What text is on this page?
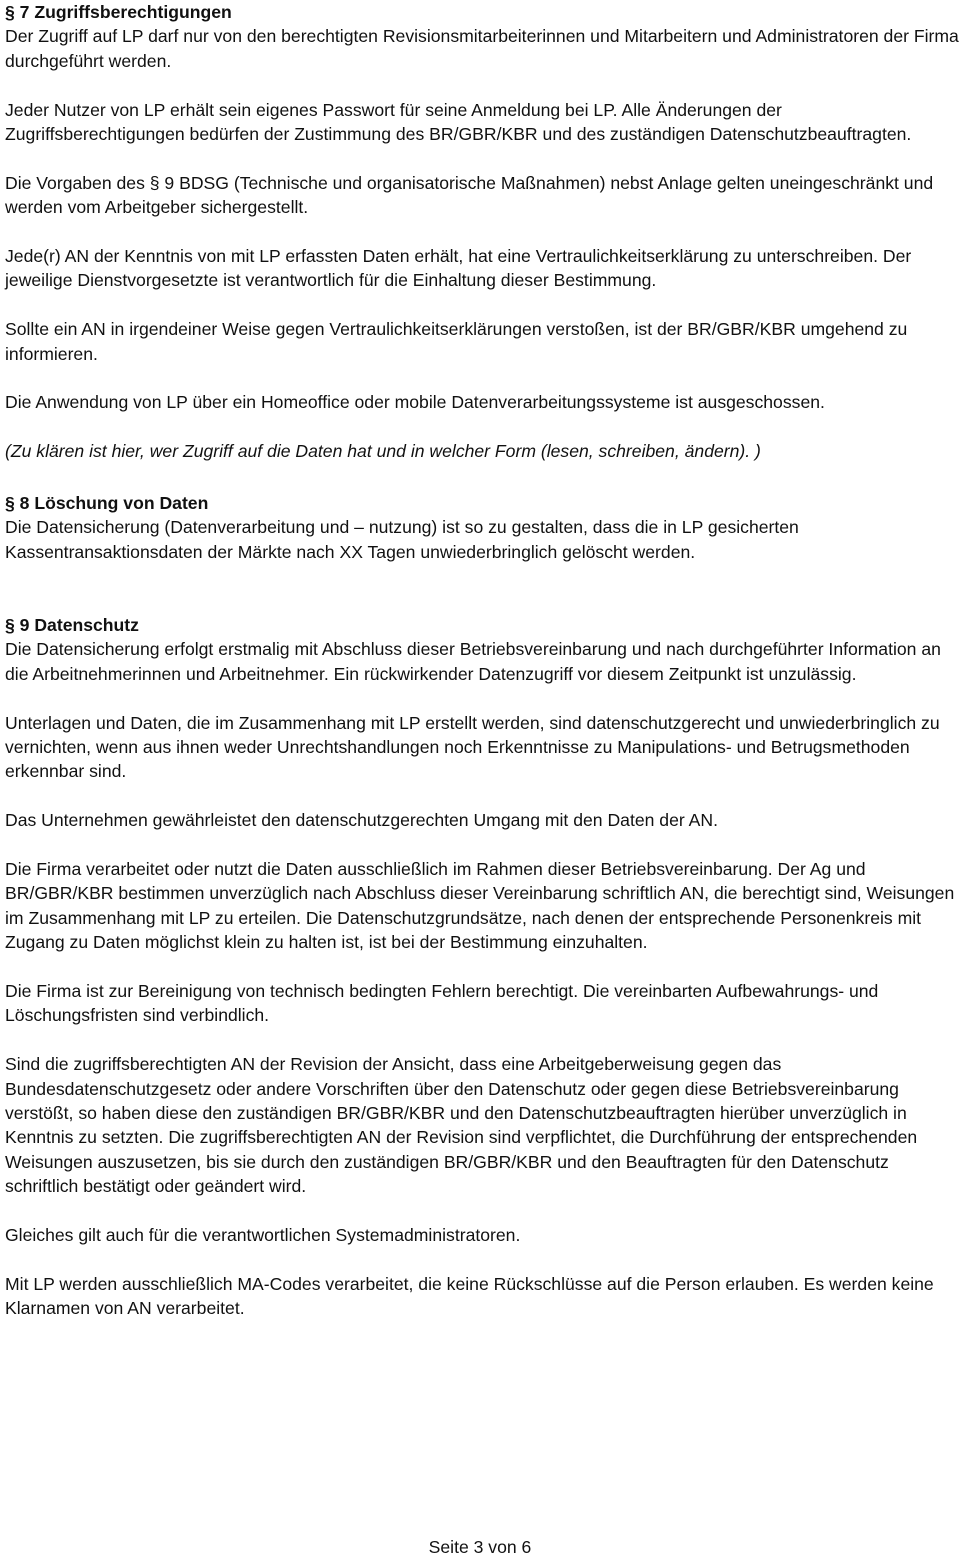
§ 7 Zugriffsberechtigungen
Der Zugriff auf LP darf nur von den berechtigten Revisionsmitarbeiterinnen und Mitarbeitern und Administratoren der Firma durchgeführt werden.
Jeder Nutzer von LP erhält sein eigenes Passwort für seine Anmeldung bei LP. Alle Änderungen der Zugriffsberechtigungen bedürfen der Zustimmung des BR/GBR/KBR und des zuständigen Datenschutzbeauftragten.
Die Vorgaben des § 9 BDSG (Technische und organisatorische Maßnahmen) nebst Anlage gelten uneingeschränkt und werden vom Arbeitgeber sichergestellt.
Jede(r) AN der Kenntnis von mit LP erfassten Daten erhält, hat eine Vertraulichkeitserklärung zu unterschreiben. Der jeweilige Dienstvorgesetzte ist verantwortlich für die Einhaltung dieser Bestimmung.
Sollte ein AN in irgendeiner Weise gegen Vertraulichkeitserklärungen verstoßen, ist der BR/GBR/KBR umgehend zu informieren.
Die Anwendung von LP über ein Homeoffice oder mobile Datenverarbeitungssysteme ist ausgeschossen.
(Zu klären ist hier, wer Zugriff auf die Daten hat und in welcher Form (lesen, schreiben, ändern). )
§ 8 Löschung von Daten
Die Datensicherung (Datenverarbeitung und – nutzung) ist so zu gestalten, dass die in LP gesicherten Kassentransaktionsdaten der Märkte nach XX Tagen unwiederbringlich gelöscht werden.
§ 9 Datenschutz
Die Datensicherung erfolgt erstmalig mit Abschluss dieser Betriebsvereinbarung und nach durchgeführter Information an die Arbeitnehmerinnen und Arbeitnehmer. Ein rückwirkender Datenzugriff vor diesem Zeitpunkt ist unzulässig.
Unterlagen und Daten, die im Zusammenhang mit LP erstellt werden, sind datenschutzgerecht und unwiederbringlich zu vernichten, wenn aus ihnen weder Unrechtshandlungen noch Erkenntnisse zu Manipulations- und Betrugsmethoden erkennbar sind.
Das Unternehmen gewährleistet den datenschutzgerechten Umgang mit den Daten der AN.
Die Firma verarbeitet oder nutzt die Daten ausschließlich im Rahmen dieser Betriebsvereinbarung. Der Ag und BR/GBR/KBR bestimmen unverzüglich nach Abschluss dieser Vereinbarung schriftlich AN, die berechtigt sind, Weisungen im Zusammenhang mit LP zu erteilen. Die Datenschutzgrundsätze, nach denen der entsprechende Personenkreis mit Zugang zu Daten möglichst klein zu halten ist, ist bei der Bestimmung einzuhalten.
Die Firma ist zur Bereinigung von technisch bedingten Fehlern berechtigt. Die vereinbarten Aufbewahrungs- und Löschungsfristen sind verbindlich.
Sind die zugriffsberechtigten AN der Revision der Ansicht, dass eine Arbeitgeberweisung gegen das Bundesdatenschutzgesetz oder andere Vorschriften über den Datenschutz oder gegen diese Betriebsvereinbarung verstößt, so haben diese den zuständigen BR/GBR/KBR und den Datenschutzbeauftragten hierüber unverzüglich in Kenntnis zu setzten. Die zugriffsberechtigten AN der Revision sind verpflichtet, die Durchführung der entsprechenden Weisungen auszusetzen, bis sie durch den zuständigen BR/GBR/KBR und den Beauftragten für den Datenschutz schriftlich bestätigt oder geändert wird.
Gleiches gilt auch für die verantwortlichen Systemadministratoren.
Mit LP werden ausschließlich MA-Codes verarbeitet, die keine Rückschlüsse auf die Person erlauben. Es werden keine Klarnamen von AN verarbeitet.
Seite 3 von 6
